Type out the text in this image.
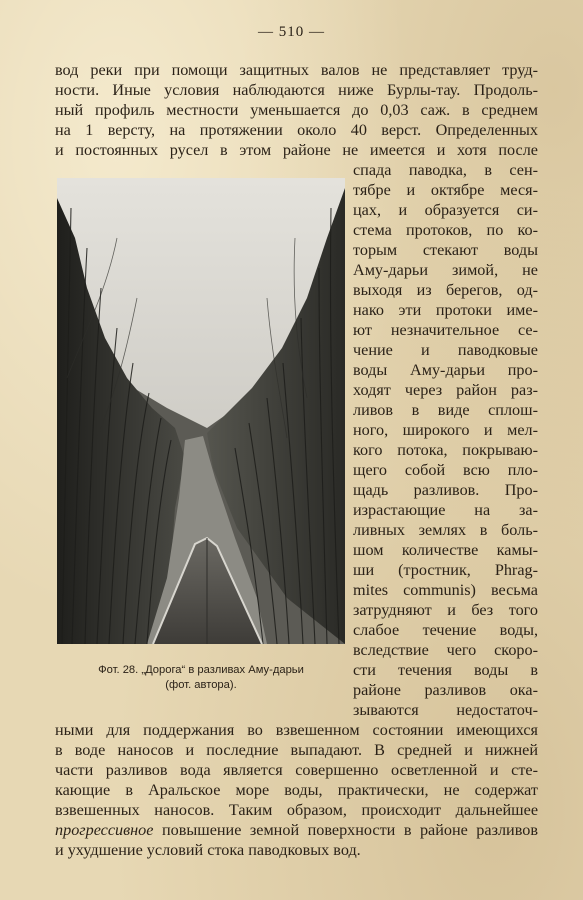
— 510 —
вод реки при помощи защитных валов не представляет труд-
ности. Иные условия наблюдаются ниже Бурлы-тау. Продоль-
ный профиль местности уменьшается до 0,03 саж. в среднем
на 1 версту, на протяжении около 40 верст. Определенных
и постоянных русел в этом районе не имеется и хотя после
Фот. 28. „Дорога“ в разливах Аму-дарьи
(фот. автора).
спада паводка, в сен-
тябре и октябре меся-
цах, и образуется си-
стема протоков, по ко-
торым стекают воды
Аму-дарьи зимой, не
выходя из берегов, од-
нако эти протоки име-
ют незначительное се-
чение и паводковые
воды Аму-дарьи про-
ходят через район раз-
ливов в виде сплош-
ного, широкого и мел-
кого потока, покрываю-
щего собой всю пло-
щадь разливов. Про-
израстающие на за-
ливных землях в боль-
шом количестве камы-
ши (тростник, Phrag-
mites communis) весьма
затрудняют и без того
слабое течение воды,
вследствие чего скоро-
сти течения воды в
районе разливов ока-
зываются недостаточ-
ными для поддержания во взвешенном состоянии имеющихся
в воде наносов и последние выпадают. В средней и нижней
части разливов вода является совершенно осветленной и сте-
кающие в Аральское море воды, практически, не содержат
взвешенных наносов. Таким образом, происходит дальнейшее
прогрессивное повышение земной поверхности в районе разливов
и ухудшение условий стока паводковых вод.
